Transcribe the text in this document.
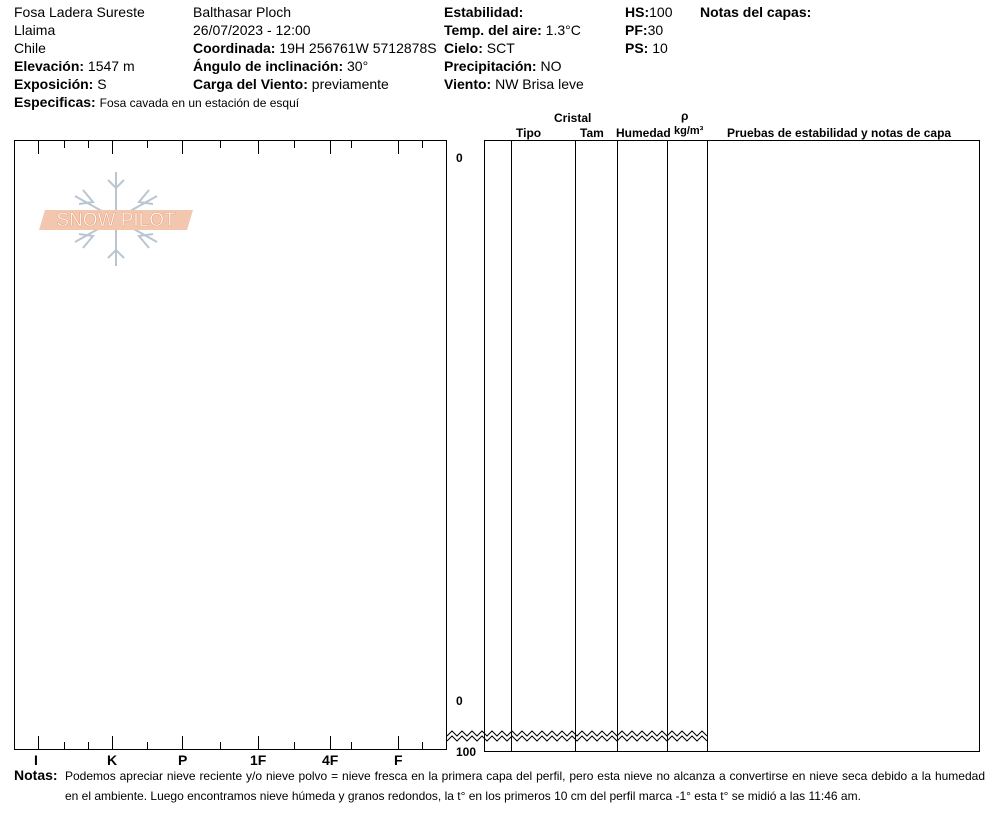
Fosa Ladera Sureste
Llaima
Chile
Elevación: 1547 m
Exposición: S
Especificas: Fosa cavada en un estación de esquí
Balthasar Ploch
26/07/2023 - 12:00
Coordinada: 19H 256761W 5712878S
Ángulo de inclinación: 30°
Carga del Viento: previamente
Estabilidad:
Temp. del aire: 1.3°C
Cielo: SCT
Precipitación: NO
Viento: NW Brisa leve
HS:100
PF:30
PS: 10
Notas del capas:
SNOW PILOT
I	K	P	1F	4F	F
0
0
100
Cristal
Tipo	Tam Humedad
ρ
kg/m³ Pruebas de estabilidad y notas de capa
Notas: Podemos apreciar nieve reciente y/o nieve polvo = nieve fresca en la primera capa del perfil, pero esta nieve no alcanza a convertirse en nieve seca debido a la humedad en el ambiente. Luego encontramos nieve húmeda y granos redondos, la t° en los primeros 10 cm del perfil marca -1° esta t° se midió a las 11:46 am.
